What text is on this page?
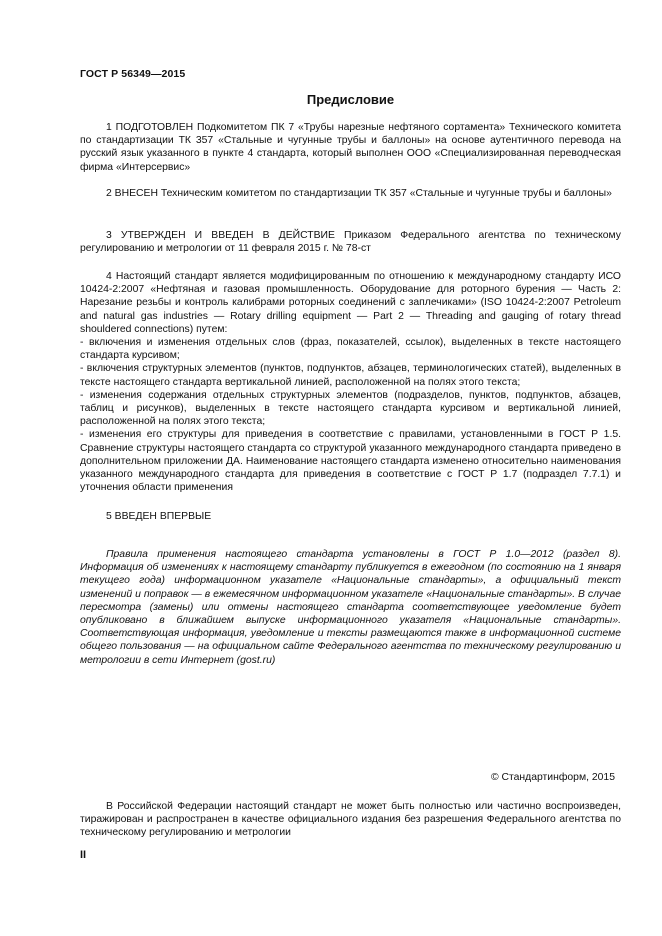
ГОСТ Р 56349—2015
Предисловие

1 ПОДГОТОВЛЕН Подкомитетом ПК 7 «Трубы нарезные нефтяного сортамента» Технического комитета по стандартизации ТК 357 «Стальные и чугунные трубы и баллоны» на основе аутентичного перевода на русский язык указанного в пункте 4 стандарта, который выполнен ООО «Специализированная переводческая фирма «Интерсервис»

2 ВНЕСЕН Техническим комитетом по стандартизации ТК 357 «Стальные и чугунные трубы и баллоны»

3 УТВЕРЖДЕН И ВВЕДЕН В ДЕЙСТВИЕ Приказом Федерального агентства по техническому регулированию и метрологии от 11 февраля 2015 г. № 78-ст

4 Настоящий стандарт является модифицированным по отношению к международному стандарту ИСО 10424-2:2007 «Нефтяная и газовая промышленность. Оборудование для роторного бурения — Часть 2: Нарезание резьбы и контроль калибрами роторных соединений с заплечиками» (ISO 10424-2:2007 Petroleum and natural gas industries — Rotary drilling equipment — Part 2 — Threading and gauging of rotary thread shouldered connections) путем:

- включения и изменения отдельных слов (фраз, показателей, ссылок), выделенных в тексте настоящего стандарта курсивом;

- включения структурных элементов (пунктов, подпунктов, абзацев, терминологических статей), выделенных в тексте настоящего стандарта вертикальной линией, расположенной на полях этого текста;

- изменения содержания отдельных структурных элементов (подразделов, пунктов, подпунктов, абзацев, таблиц и рисунков), выделенных в тексте настоящего стандарта курсивом и вертикальной линией, расположенной на полях этого текста;

- изменения его структуры для приведения в соответствие с правилами, установленными в ГОСТ Р 1.5. Сравнение структуры настоящего стандарта со структурой указанного международного стандарта приведено в дополнительном приложении ДА. Наименование настоящего стандарта изменено относительно наименования указанного международного стандарта для приведения в соответствие с ГОСТ Р 1.7 (подраздел 7.7.1) и уточнения области применения

5 ВВЕДЕН ВПЕРВЫЕ

Правила применения настоящего стандарта установлены в ГОСТ Р 1.0—2012 (раздел 8). Информация об изменениях к настоящему стандарту публикуется в ежегодном (по состоянию на 1 января текущего года) информационном указателе «Национальные стандарты», а официальный текст изменений и поправок — в ежемесячном информационном указателе «Национальные стандарты». В случае пересмотра (замены) или отмены настоящего стандарта соответствующее уведомление будет опубликовано в ближайшем выпуске информационного указателя «Национальные стандарты». Соответствующая информация, уведомление и тексты размещаются также в информационной системе общего пользования — на официальном сайте Федерального агентства по техническому регулированию и метрологии в сети Интернет (gost.ru)

© Стандартинформ, 2015

В Российской Федерации настоящий стандарт не может быть полностью или частично воспроизведен, тиражирован и распространен в качестве официального издания без разрешения Федерального агентства по техническому регулированию и метрологии

II
